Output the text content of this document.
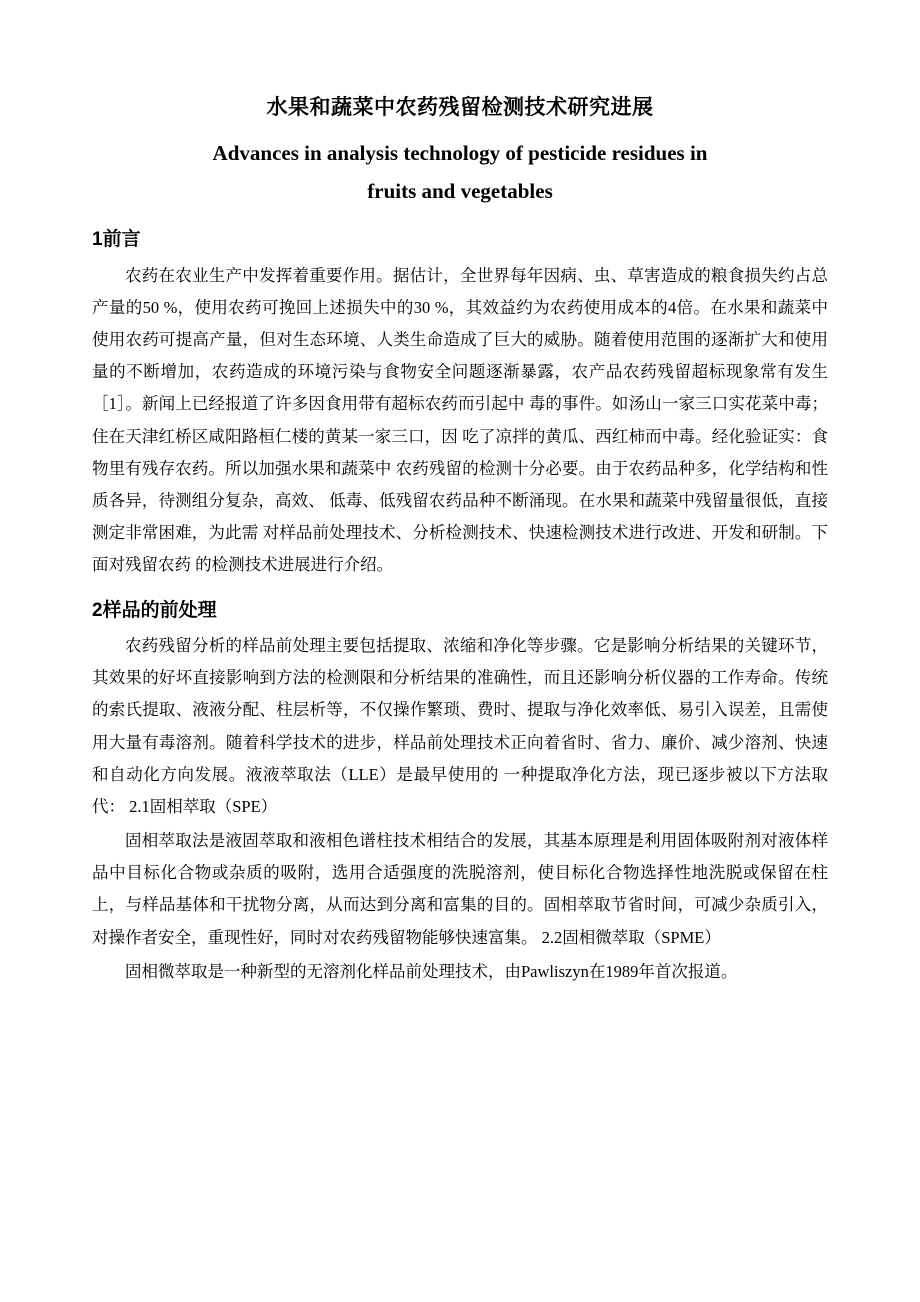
水果和蔬菜中农药残留检测技术研究进展
Advances in analysis technology of pesticide residues in
fruits and vegetables
1前言

农药在农业生产中发挥着重要作用。据估计，全世界每年因病、虫、草害造成的粮食损失约占总产量的50 %，使用农药可挽回上述损失中的30 %，其效益约为农药使用成本的4倍。在水果和蔬菜中使用农药可提高产量，但对生态环境、人类生命造成了巨大的威胁。随着使用范围的逐渐扩大和使用量的不断增加，农药造成的环境污染与食物安全问题逐渐暴露，农产品农药残留超标现象常有发生［1］。新闻上已经报道了许多因食用带有超标农药而引起中 毒的事件。如汤山一家三口实花菜中毒；住在天津红桥区咸阳路桓仁楼的黄某一家三口，因 吃了凉拌的黄瓜、西红柿而中毒。经化验证实：食物里有残存农药。所以加强水果和蔬菜中 农药残留的检测十分必要。由于农药品种多，化学结构和性质各异，待测组分复杂，高效、 低毒、低残留农药品种不断涌现。在水果和蔬菜中残留量很低，直接测定非常困难，为此需 对样品前处理技术、分析检测技术、快速检测技术进行改进、开发和研制。下面对残留农药 的检测技术进展进行介绍。

2样品的前处理

农药残留分析的样品前处理主要包括提取、浓缩和净化等步骤。它是影响分析结果的关键环节，其效果的好坏直接影响到方法的检测限和分析结果的准确性，而且还影响分析仪器的工作寿命。传统的索氏提取、液液分配、柱层析等，不仅操作繁琐、费时、提取与净化效率低、易引入误差，且需使用大量有毒溶剂。随着科学技术的进步，样品前处理技术正向着省时、省力、廉价、减少溶剂、快速和自动化方向发展。液液萃取法（LLE）是最早使用的 一种提取净化方法，现已逐步被以下方法取代： 2.1固相萃取（SPE）

固相萃取法是液固萃取和液相色谱柱技术相结合的发展，其基本原理是利用固体吸附剂对液体样品中目标化合物或杂质的吸附，选用合适强度的洗脱溶剂，使目标化合物选择性地洗脱或保留在柱上，与样品基体和干扰物分离，从而达到分离和富集的目的。固相萃取节省时间，可减少杂质引入，对操作者安全，重现性好，同时对农药残留物能够快速富集。 2.2固相微萃取（SPME）

固相微萃取是一种新型的无溶剂化样品前处理技术，由Pawliszyn在1989年首次报道。
